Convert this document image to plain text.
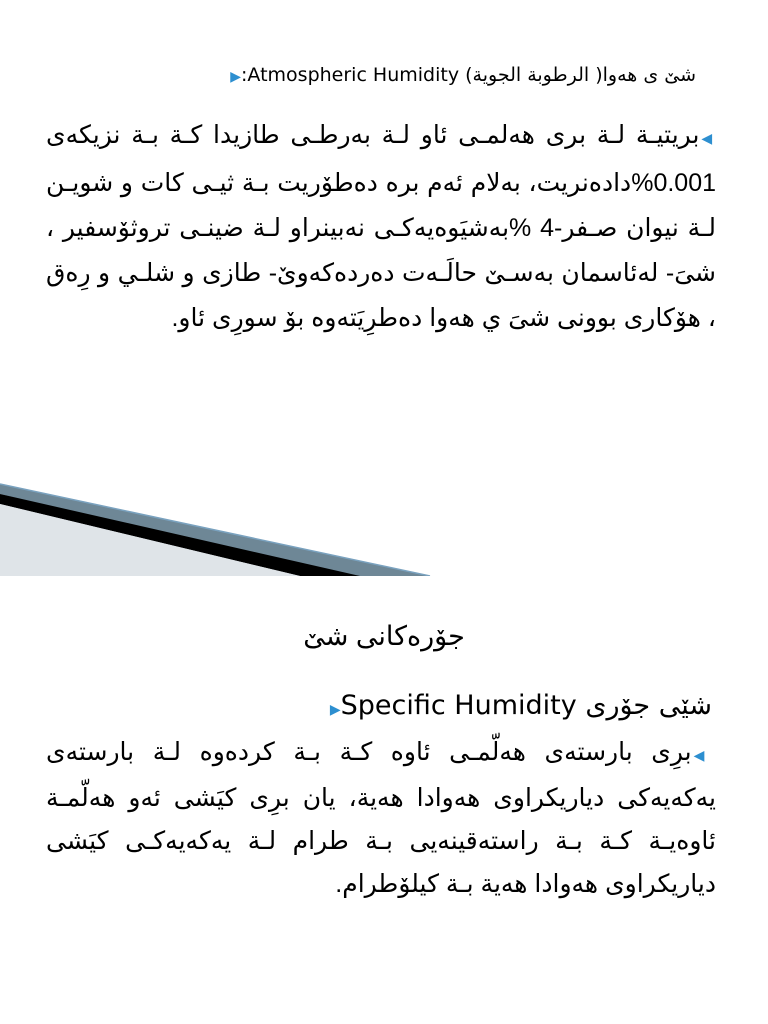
▶شێ ی هەوا( الرطوبة الجوية) Atmospheric Humidity:
◀بریتیـة لـة بری هەلمـی ئاو لـة بەرطـی طازیدا کـة بـة نزیکەی 0.001%دادەنریت، بەلام ئەم برە دەطۆریت بـة ثیـی کات و شویـن لـة نیوان صـفر-4 %بەشیَوەیەکـی نەبینراو لـة ضینـی تروثۆسفیر ، شیَ- لەئاسمان بەسـێ حالَـەت دەردەکەوێ- طازی و شلـي و رِەق ، هۆکاری بوونی شیَ ي هەوا دەطرِیَتەوە بۆ سورِی ئاو.
جۆرەکانی شێ
▶شێی جۆری Specific Humidity
◀برِی بارستەی هەلّمـی ئاوە کـة بـة کردەوە لـة بارستەی یەکەیەکی دیاریکراوی هەوادا هەیة، یان برِی کیَشی ئەو هەلّمـة ئاوەیـة کـة بـة راستەقینەیی بـة طرام لـة یەکەیەکـی کیَشی دیاریکراوی هەوادا هەیة بـة کیلۆطرام.
